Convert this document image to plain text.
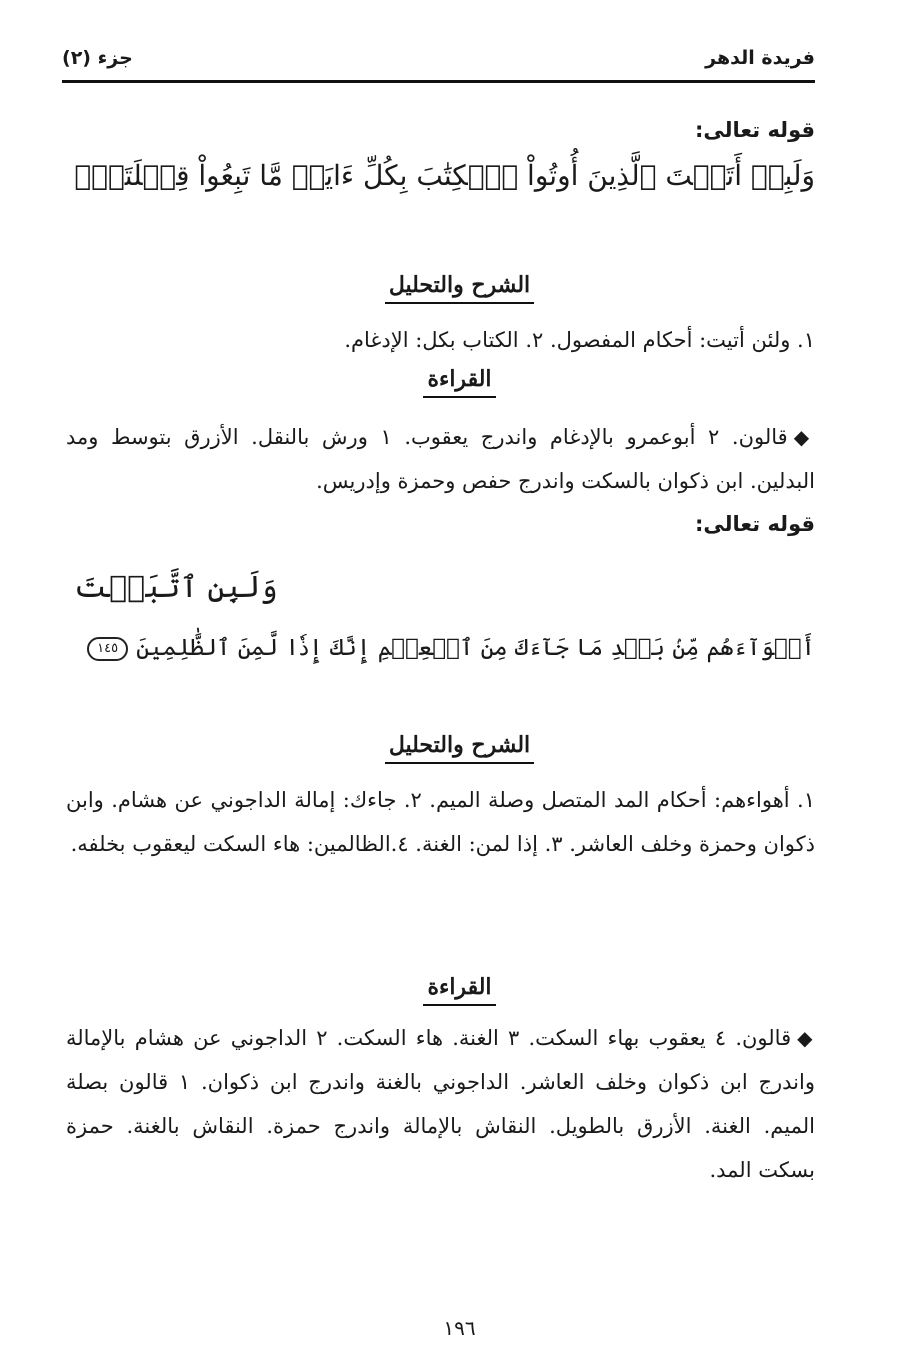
فريدة الدهر
جزء (٢)
قوله تعالى:
وَلَبِنۡ أَتَيۡتَ ٱلَّذِينَ أُوتُواْ ٱلۡكِتَٰبَ بِكُلِّ ءَايَةٖ مَّا تَبِعُواْ قِبۡلَتَكَۚ
الشرح والتحليل
١. ولئن أتيت: أحكام المفصول. ٢. الكتاب بكل: الإدغام.
القراءة
◆قالون. ٢ أبوعمرو بالإدغام واندرج يعقوب. ١ ورش بالنقل. الأزرق بتوسط ومد البدلين. ابن ذكوان بالسكت واندرج حفص وحمزة وإدريس.
قوله تعالى:
وَلَبِنِ ٱتَّبَعۡتَ
أَهۡوَآءَهُم مِّنۢ بَعۡدِ مَا جَآءَكَ مِنَ ٱلۡعِلۡمِ إِنَّكَ إِذٗا لَّمِنَ ٱلظَّٰلِمِينَ١٤٥
الشرح والتحليل
١. أهواءهم: أحكام المد المتصل وصلة الميم. ٢. جاءك: إمالة الداجوني عن هشام. وابن ذكوان وحمزة وخلف العاشر. ٣. إذا لمن: الغنة. ٤.الظالمين: هاء السكت ليعقوب بخلفه.
القراءة
◆قالون. ٤ يعقوب بهاء السكت. ٣ الغنة. هاء السكت. ٢ الداجوني عن هشام بالإمالة واندرج ابن ذكوان وخلف العاشر. الداجوني بالغنة واندرج ابن ذكوان. ١ قالون بصلة الميم. الغنة. الأزرق بالطويل. النقاش بالإمالة واندرج حمزة. النقاش بالغنة. حمزة بسكت المد.
١٩٦
